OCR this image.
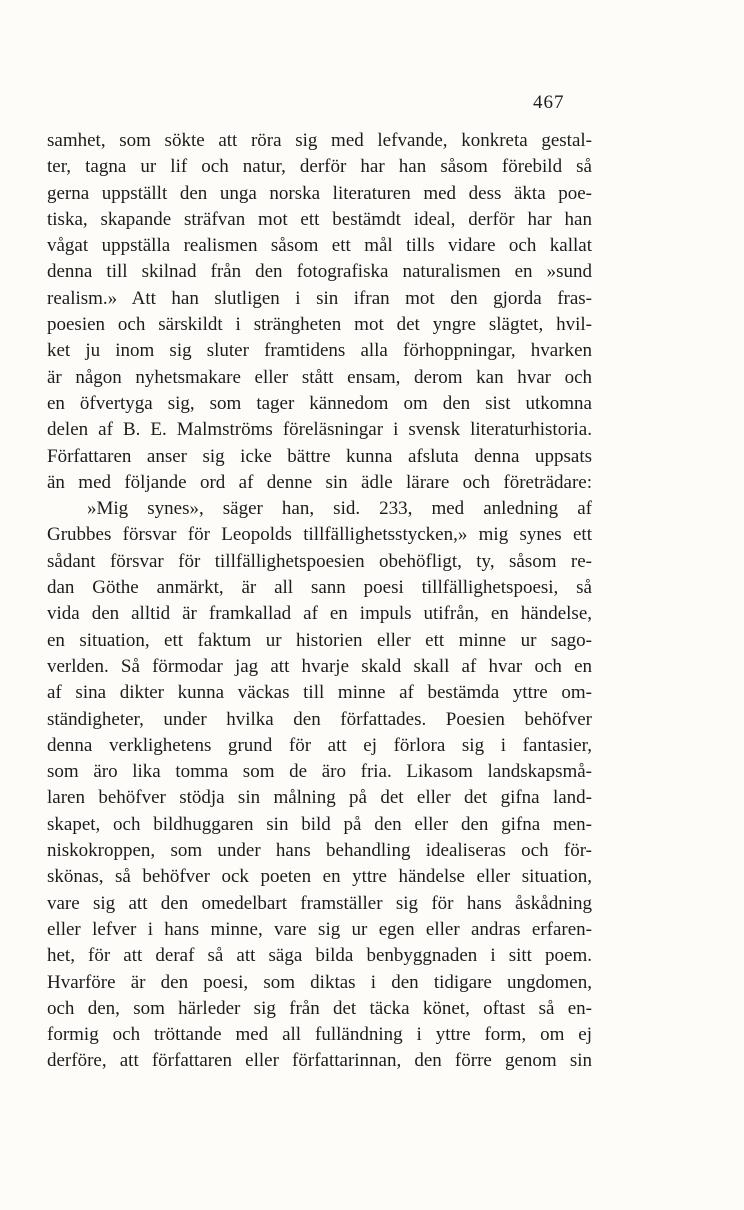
467
samhet, som sökte att röra sig med lefvande, konkreta gestal-
ter, tagna ur lif och natur, derför har han såsom förebild så
gerna uppställt den unga norska literaturen med dess äkta poe-
tiska, skapande sträfvan mot ett bestämdt ideal, derför har han
vågat uppställa realismen såsom ett mål tills vidare och kallat
denna till skilnad från den fotografiska naturalismen en »sund
realism.» Att han slutligen i sin ifran mot den gjorda fras-
poesien och särskildt i strängheten mot det yngre slägtet, hvil-
ket ju inom sig sluter framtidens alla förhoppningar, hvarken
är någon nyhetsmakare eller stått ensam, derom kan hvar och
en öfvertyga sig, som tager kännedom om den sist utkomna
delen af B. E. Malmströms föreläsningar i svensk literaturhistoria.
Författaren anser sig icke bättre kunna afsluta denna uppsats
än med följande ord af denne sin ädle lärare och företrädare:
»Mig synes», säger han, sid. 233, med anledning af
Grubbes försvar för Leopolds tillfällighetsstycken,» mig synes ett
sådant försvar för tillfällighetspoesien obehöfligt, ty, såsom re-
dan Göthe anmärkt, är all sann poesi tillfällighetspoesi, så
vida den alltid är framkallad af en impuls utifrån, en händelse,
en situation, ett faktum ur historien eller ett minne ur sago-
verlden. Så förmodar jag att hvarje skald skall af hvar och en
af sina dikter kunna väckas till minne af bestämda yttre om-
ständigheter, under hvilka den författades. Poesien behöfver
denna verklighetens grund för att ej förlora sig i fantasier,
som äro lika tomma som de äro fria. Likasom landskapsmå-
laren behöfver stödja sin målning på det eller det gifna land-
skapet, och bildhuggaren sin bild på den eller den gifna men-
niskokroppen, som under hans behandling idealiseras och för-
skönas, så behöfver ock poeten en yttre händelse eller situation,
vare sig att den omedelbart framställer sig för hans åskådning
eller lefver i hans minne, vare sig ur egen eller andras erfaren-
het, för att deraf så att säga bilda benbyggnaden i sitt poem.
Hvarföre är den poesi, som diktas i den tidigare ungdomen,
och den, som härleder sig från det täcka könet, oftast så en-
formig och tröttande med all fulländning i yttre form, om ej
derföre, att författaren eller författarinnan, den förre genom sin
